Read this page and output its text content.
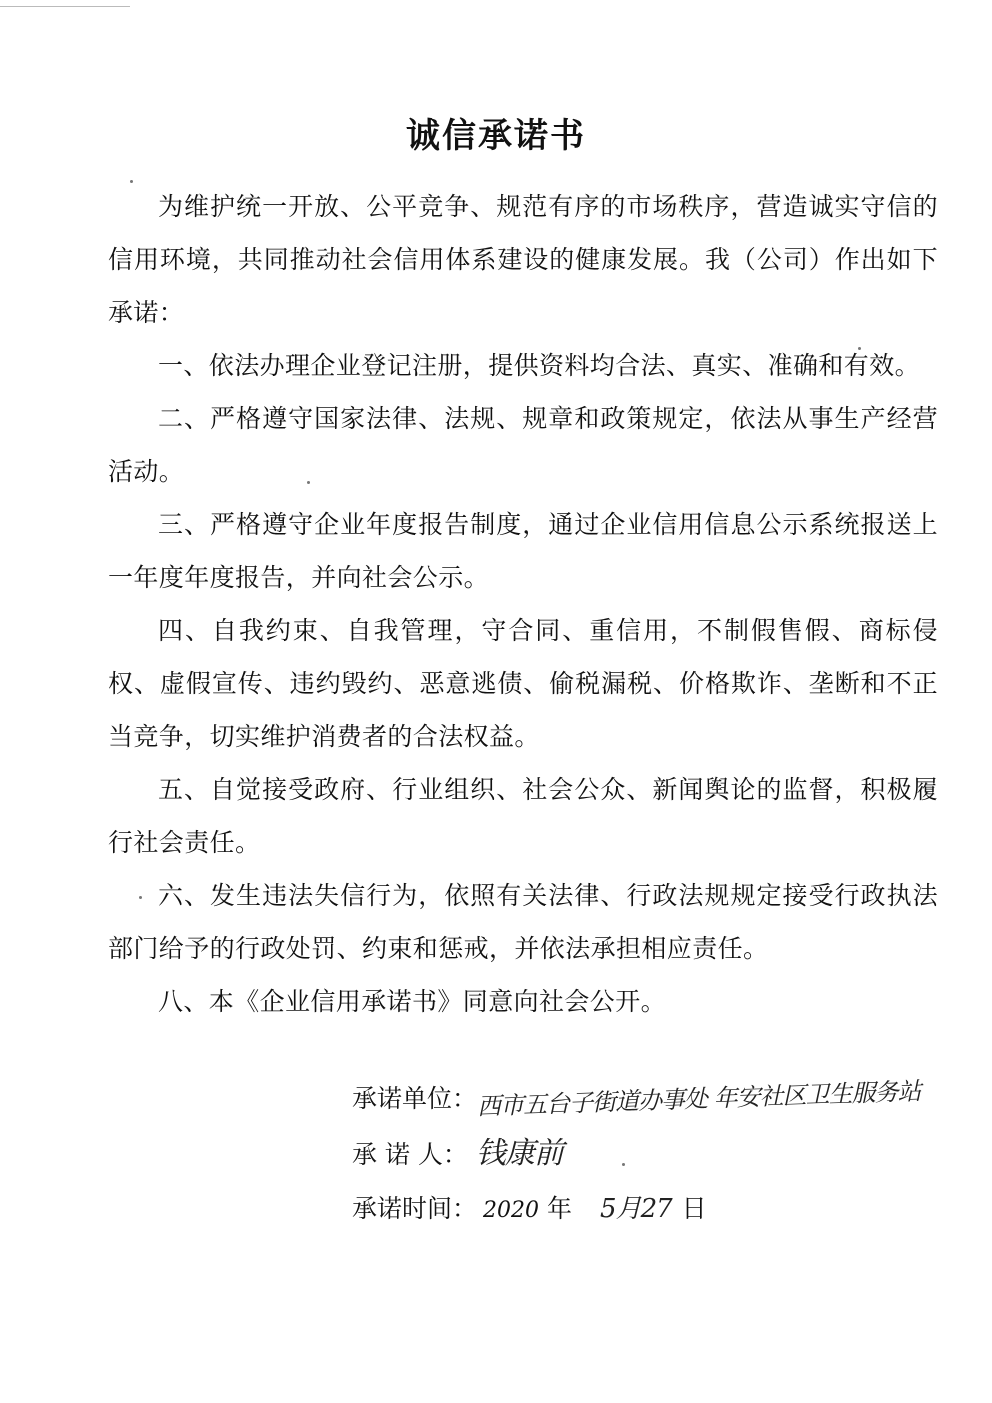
诚信承诺书

为维护统一开放、公平竞争、规范有序的市场秩序，营造诚实守信的信用环境，共同推动社会信用体系建设的健康发展。我（公司）作出如下承诺：

一、依法办理企业登记注册，提供资料均合法、真实、准确和有效。

二、严格遵守国家法律、法规、规章和政策规定，依法从事生产经营活动。

三、严格遵守企业年度报告制度，通过企业信用信息公示系统报送上一年度年度报告，并向社会公示。

四、自我约束、自我管理，守合同、重信用，不制假售假、商标侵权、虚假宣传、违约毁约、恶意逃债、偷税漏税、价格欺诈、垄断和不正当竞争，切实维护消费者的合法权益。

五、自觉接受政府、行业组织、社会公众、新闻舆论的监督，积极履行社会责任。

六、发生违法失信行为，依照有关法律、行政法规规定接受行政执法部门给予的行政处罚、约束和惩戒，并依法承担相应责任。

八、本《企业信用承诺书》同意向社会公开。

承诺单位：西市五台子街道办事处 年安社区卫生服务站
承 诺 人： 钱康前
承诺时间： 2020 年 5月27 日
